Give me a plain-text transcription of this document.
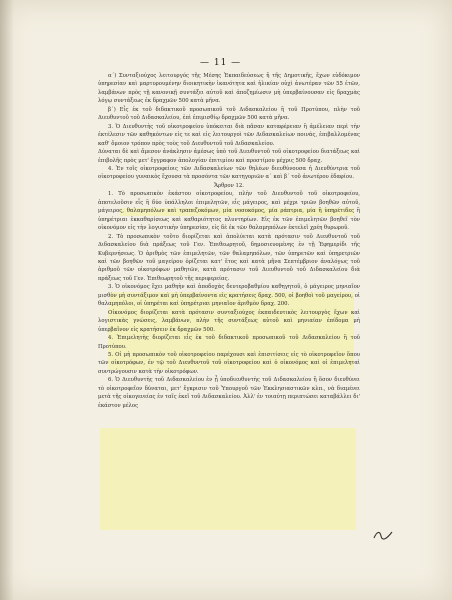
— 11 —

α΄) Συνταξιούχος λειτουργός τῆς Μέσης Ἐκπαιδεύσεως ἢ τῆς Δημοτικῆς, ἔχων εὐδόκιμον ὑπηρεσίαν καὶ μαρτυρουμένην διοικητικὴν ἱκανότητα καὶ ἡλικίαν οὐχὶ ἀνωτέραν τῶν 55 ἐτῶν, λαμβάνων πρὸς τῇ κανονικῇ συντάξει αὐτοῦ καὶ ἀποζημίωσιν μὴ ὑπερβαίνουσαν εἰς δραχμὰς λόγῳ συντάξεως ἐκ δραχμῶν 500 κατὰ μῆνα.

β΄) Εἷς ἐκ τοῦ διδακτικοῦ προσωπικοῦ τοῦ Διδασκαλείου ἢ τοῦ Προτύπου, πλὴν τοῦ Διευθυντοῦ τοῦ Διδασκαλείου, ἐπὶ ἐπιμισθίῳ δραχμῶν 500 κατὰ μῆνα.

3. Ὁ Διευθυντὴς τοῦ οἰκοτροφείου ὑπόκειται διὰ πᾶσαν καταφέρειαν ἢ ἀμέλειαν περὶ τὴν ἐκτέλεσιν τῶν καθηκόντων εἰς τε καὶ εἰς λειτουργοὶ τῶν Διδασκαλείων ποινάς, ἐπιβαλλομένας καθ' ὅμοιον τρόπον πρὸς τοὺς τοῦ Διευθυντοῦ τοῦ Διδασκαλείου.

Δύναται δὲ καὶ ἄμεσον ἀνάκλησιν ἀμέσως ὑπὸ τοῦ Διευθυντοῦ τοῦ οἰκοτροφείου διατάξεως καὶ ἐπιβολῆς πρὸς μετ' ἔγγραφον ἀπολογίαν ἐπιτιμίου καὶ προστίμου μέχρις 500 δραχ.

4. Ἐν τοῖς οἰκοτροφείοις τῶν Διδασκαλείων τῶν θηλέων διευθύνουσα ἡ Διευθύντρια τοῦ οἰκοτροφείου γυναικὸς ἔχουσα τὰ προσόντα τῶν κατηγοριῶν α΄ καὶ β΄ τοῦ ἀνωτέρου ἐδαφίου.

Ἄρθρον 12.

1. Τὸ προσωπικὸν ἑκάστου οἰκοτροφείου, πλὴν τοῦ Διευθυντοῦ τοῦ οἰκοτροφείου, ἀποτελοῦσιν εἷς ἢ δύο ὑπάλληλοι ἐπιμελητῶν, εἷς μάγειρος, καὶ μέχρι τριῶν βοηθῶν αὐτοῦ, μάγειρος, θαλαμηπόλων καὶ τραπεζοκόμων, μία νοσοκόμος, μία ράπτρια, μία ἢ ὑπηρέτιδες ἢ ὑπηρέτριαι ἐκκαθαρίσεως καὶ καθαριότητος πλυντηρίων. Εἰς ἐκ τῶν ἐπιμελητῶν βοηθεῖ τὸν οἰκονόμον εἰς τὴν λογιστικὴν ὑπηρεσίαν, εἰς δὲ ἐκ τῶν θαλαμηπόλων ἐκτελεῖ χρέη θυρωροῦ.

2. Τὸ προσωπικὸν τοῦτο διορίζεται καὶ ἀπολύεται κατὰ πρότασιν τοῦ Διευθυντοῦ τοῦ Διδασκαλείου διὰ πράξεως τοῦ Γεν. Ἐπιθεωρητοῦ, δημοσιευομένης ἐν τῇ Ἐφημερίδι τῆς Κυβερνήσεως. Ὁ ἀριθμὸς τῶν ἐπιμελητῶν, τῶν θαλαμηπόλων, τῶν ὑπηρετῶν καὶ ὑπηρετριῶν καὶ τῶν βοηθῶν τοῦ μαγείρου ὁρίζεται κατ' ἔτος καὶ κατὰ μῆνα Σεπτέμβριον ἀναλόγως τοῦ ἀριθμοῦ τῶν οἰκοτρόφων μαθητῶν, κατὰ πρότασιν τοῦ Διευθυντοῦ τοῦ Διδασκαλείου διὰ πράξεως τοῦ Γεν. Ἐπιθεωρητοῦ τῆς περιφερείας.

3. Ὁ οἰκονόμος ἔχει μαθηὴν καὶ ἀποδοχὰς δευτεροβαθμίου καθηγητοῦ, ὁ μάγειρος μηνιαῖον μισθὸν μὴ συντάξιμον καὶ μὴ ὑπερβαίνοντα εἰς κρατήσεις δραχ. 500, οἱ βοηθοὶ τοῦ μαγείρου, οἱ θαλαμηπόλοι, οἱ ὑπηρέται καὶ ὑπηρέτριαι μηνιαῖον ἀριθμὸν δραχ. 200.

Οἰκονόμος διορίζεται κατὰ πρότασιν συνταξιούχος ἐκπαιδευτικὸς λειτουργὸς ἔχων καὶ λογιστικὰς γνώσεις, λαμβάνων, πλὴν τῆς συντάξεως αὐτοῦ καὶ μηνιαίαν ἐπίδομα μὴ ὑπερβαῖνον εἰς κρατήσειν ἐκ δραχμῶν 500.

4. Ἐπιμελητὴς διορίζεται εἷς ἐκ τοῦ διδακτικοῦ προσωπικοῦ τοῦ Διδασκαλείου ἢ τοῦ Προτύπου.

5. Οἱ μὴ προσωπικὸν τοῦ οἰκοτροφείου παρέχουσι καὶ ἐπισιτίσεις εἰς τὸ οἰκοτροφεῖον ὅπου τῶν οἰκοτρόφων, ἐν τῷ τοῦ Διευθυντοῦ τοῦ οἰκοτροφείου καὶ ὁ οἰκονόμος καὶ οἱ ἐπιμεληταὶ συντρώγουσιν κατὰ τὴν οἰκοτρόφων.

6. Ὁ Διευθυντὴς τοῦ Διδασκαλείου ἐν ᾗ ὑποδιευθυντὴς τοῦ Διδασκαλείου ἢ ὅσον διευθύνει τὸ οἰκοτροφεῖον δύναται, μετ' ἔγκρισιν τοῦ Ὑπουργοῦ τῶν Ἐκκλησιαστικῶν κλπ., νὰ διαμένει μετὰ τῆς οἰκογενείας ἐν ταῖς ἐκεῖ τοῦ Διδασκαλείου. Ἀλλ' ἐν τοιαύτῃ περιπτώσει καταβάλλει δι' ἑκάστον μέλος
